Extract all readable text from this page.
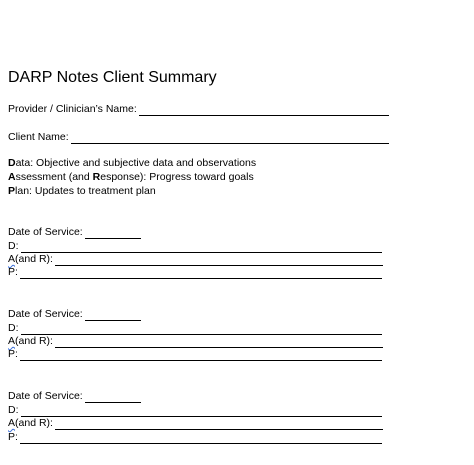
DARP Notes Client Summary
Provider / Clinician’s Name:
Client Name:
Data: Objective and subjective data and observations
Assessment (and Response): Progress toward goals
Plan: Updates to treatment plan
Date of Service:
D:
A(and R):
P:
Date of Service:
D:
A(and R):
P:
Date of Service:
D:
A(and R):
P:
